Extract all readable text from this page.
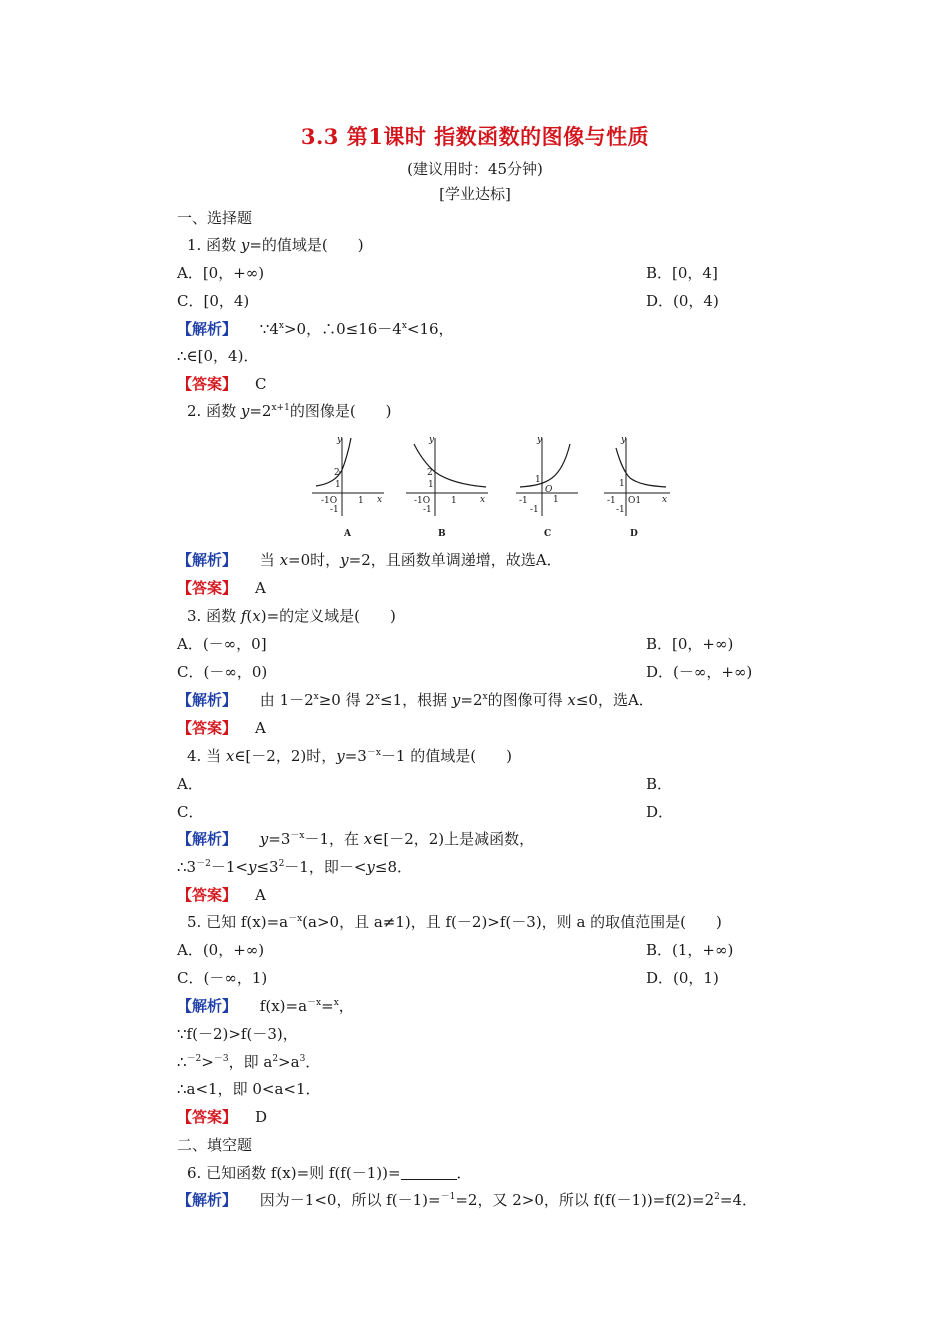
3.3 第1课时 指数函数的图像与性质
(建议用时：45分钟)
[学业达标]
一、选择题
1. 函数 y=的值域是(　　)
A．[0，+∞)	B．[0，4]
C．[0，4)	D．(0，4)
【解析】 $\because 4^x>0$，$\therefore 0\le 16-4^x<16$，
∴∈[0，4)．
【答案】 C
2. 函数 $y=2^{x+1}$的图像是(　　)
y
2
1
-1O 1
-1
x
A
y
2
1
-1O 1
-1
x
B
y
1
O
1
-1
-1
C
y
1
-1 O1
-1
x
D
【解析】 当 x=0时，y=2，且函数单调递增，故选A．
【答案】 A
3. 函数 f(x)=的定义域是(　　)
A．(－∞，0]	B．[0，+∞)
C．(－∞，0)	D．(－∞，+∞)
【解析】 由 $1-2^x\ge 0$ 得 $2^x\le 1$，根据 $y=2^x$的图像可得 x≤0，选A．
【答案】 A
4. 当 x∈[－2，2)时，$y=3^{-x}-1$ 的值域是(　　)
A．	B．
C．	D．
【解析】 $y=3^{-x}-1$，在 x∈[－2，2)上是减函数，
$\therefore 3^{-2}-1<y\le 3^2-1$，即－<y≤8．
【答案】 A
5. 已知 $f(x)=a^{-x}(a>0$，且 a≠1)，且 f(－2)>f(－3)，则 a 的取值范围是(　　)
A．(0，+∞)	B．(1，+∞)
C．(－∞，1)	D．(0，1)
【解析】 $f(x)=a^{-x}=^x$，
∵f(－2)>f(－3)，
∴$^{-2}$>$^{-3}$，即 $a^2>a^3$．
∴a<1，即 0<a<1．
【答案】 D
二、填空题
6. 已知函数 f(x)=则 f(f(－1))=	．
【解析】 因为－1<0，所以 f(－1)=$^{-1}$=2，又 2>0，所以 $f(f(-1))=f(2)=2^2=4$．
